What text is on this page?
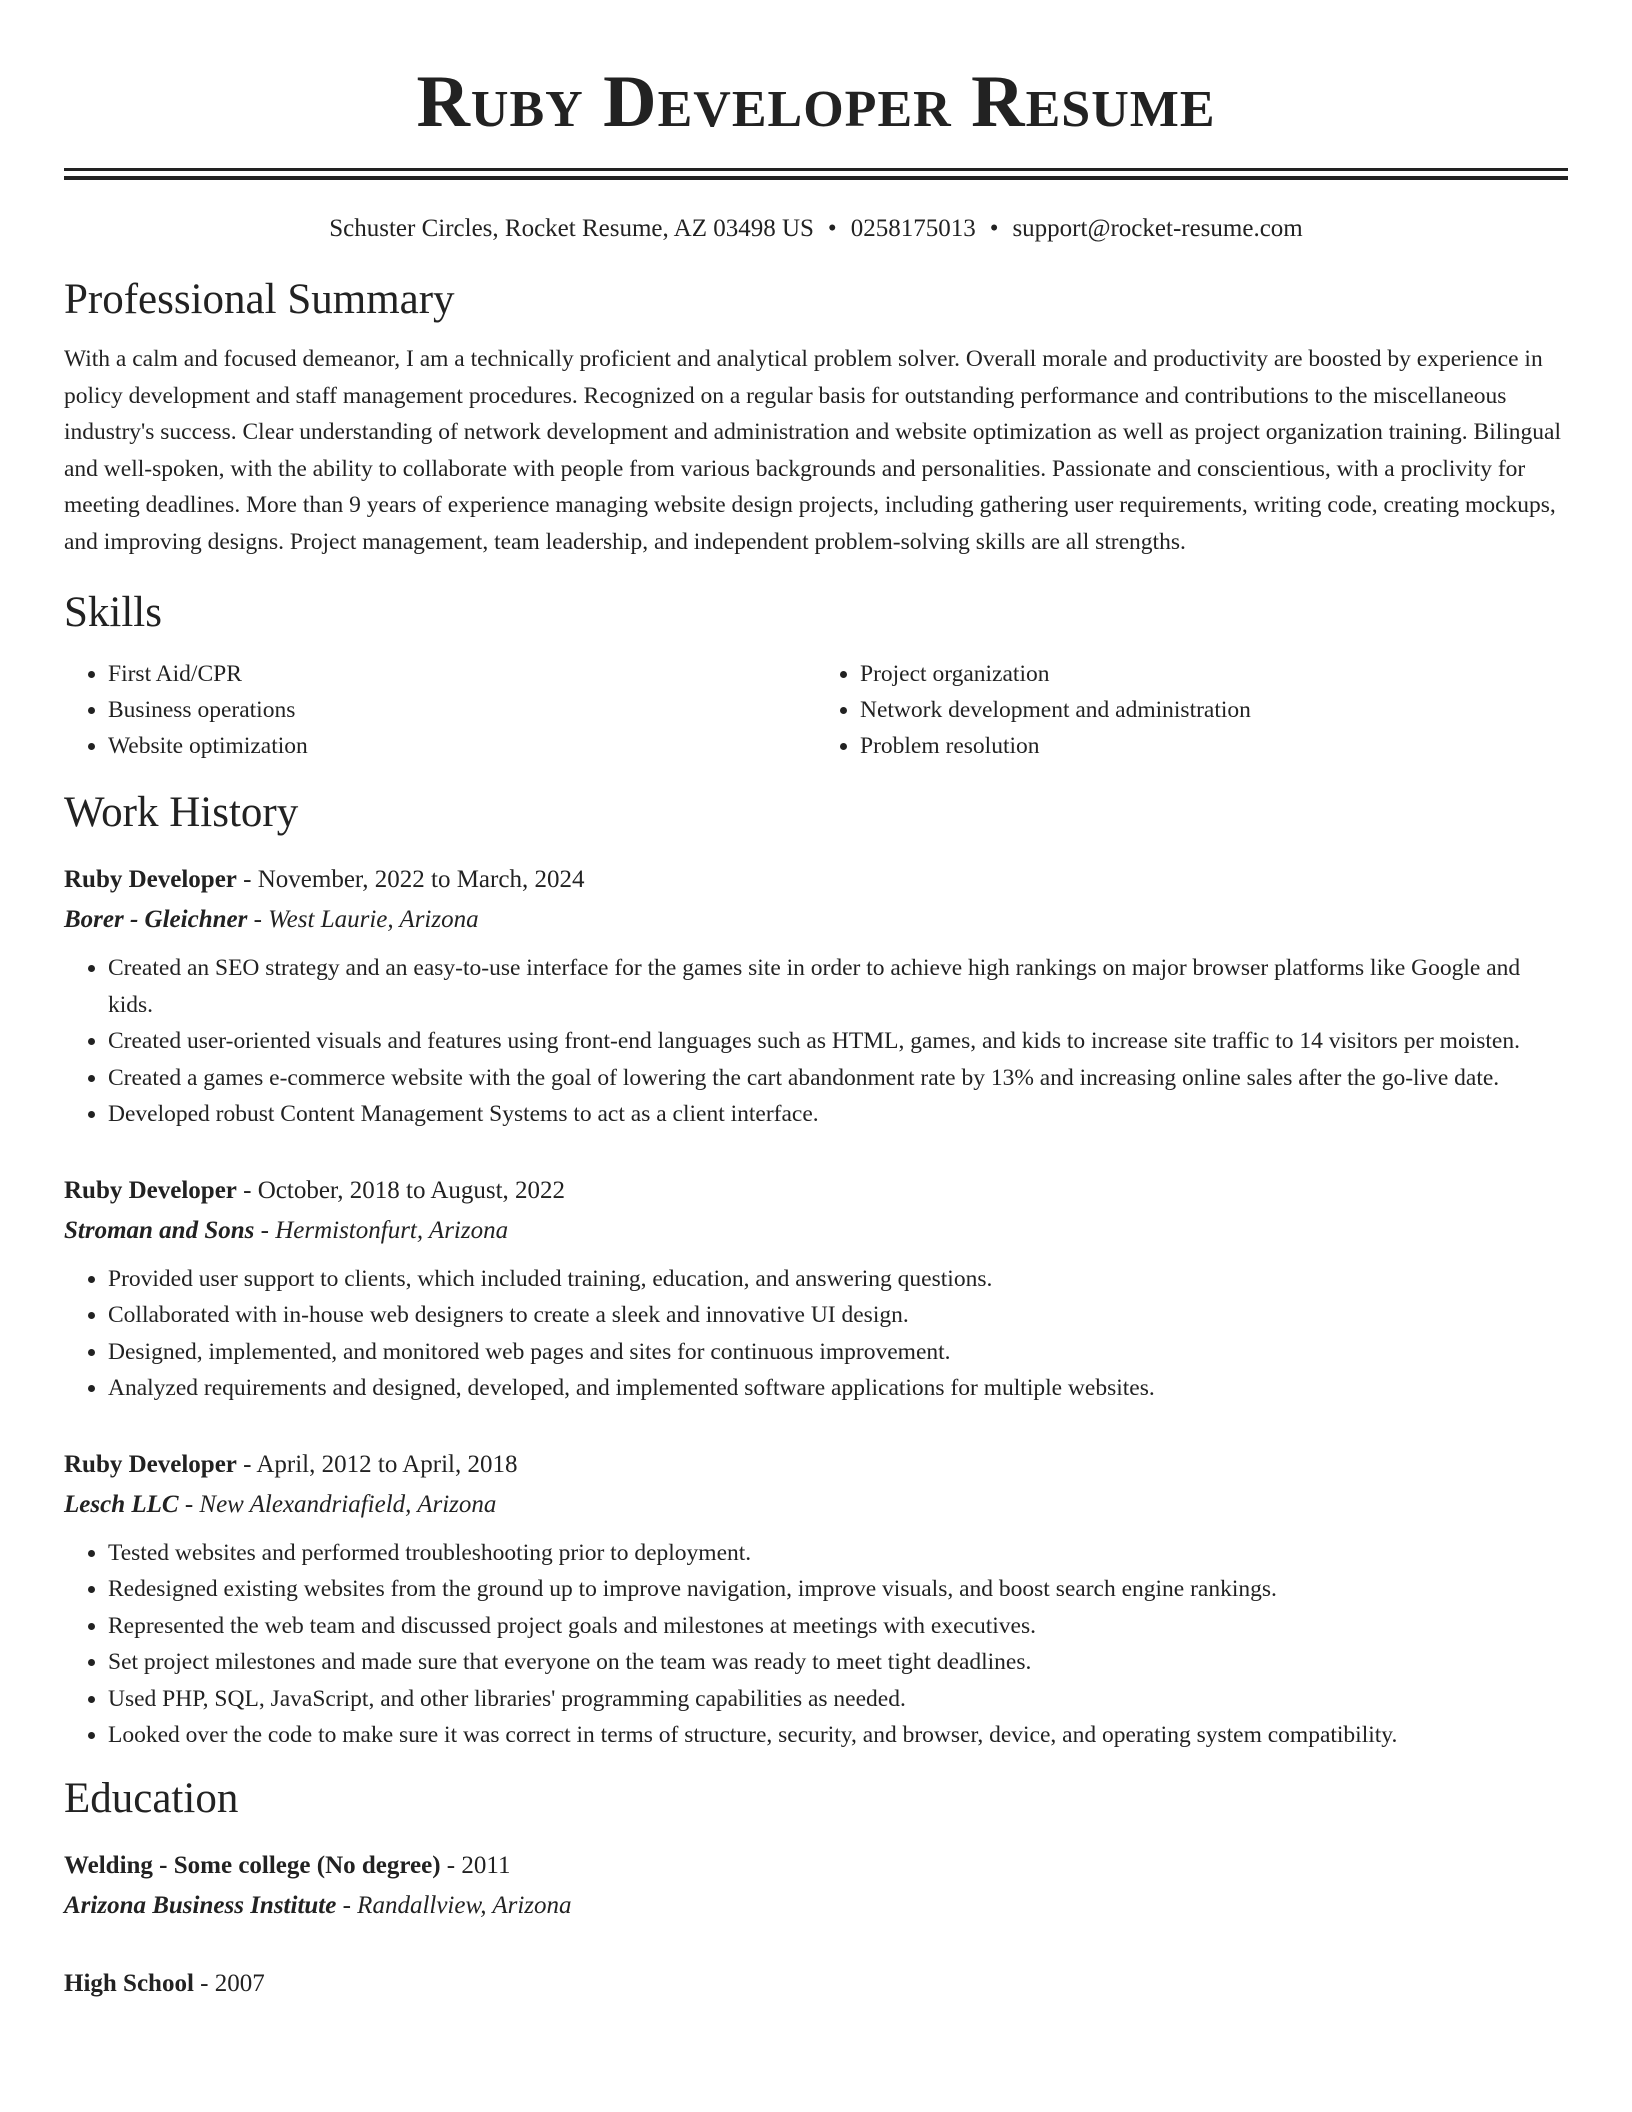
Ruby Developer Resume
Schuster Circles, Rocket Resume, AZ 03498 US • 0258175013 • support@rocket-resume.com
Professional Summary

With a calm and focused demeanor, I am a technically proficient and analytical problem solver. Overall morale and productivity are boosted by experience in policy development and staff management procedures. Recognized on a regular basis for outstanding performance and contributions to the miscellaneous industry's success. Clear understanding of network development and administration and website optimization as well as project organization training. Bilingual and well-spoken, with the ability to collaborate with people from various backgrounds and personalities. Passionate and conscientious, with a proclivity for meeting deadlines. More than 9 years of experience managing website design projects, including gathering user requirements, writing code, creating mockups, and improving designs. Project management, team leadership, and independent problem-solving skills are all strengths.

Skills
• First Aid/CPR
• Business operations
• Website optimization
• Project organization
• Network development and administration
• Problem resolution
Work History
Ruby Developer - November, 2022 to March, 2024
Borer - Gleichner - West Laurie, Arizona
• Created an SEO strategy and an easy-to-use interface for the games site in order to achieve high rankings on major browser platforms like Google and kids.
• Created user-oriented visuals and features using front-end languages such as HTML, games, and kids to increase site traffic to 14 visitors per moisten.
• Created a games e-commerce website with the goal of lowering the cart abandonment rate by 13% and increasing online sales after the go-live date.
• Developed robust Content Management Systems to act as a client interface.
Ruby Developer - October, 2018 to August, 2022
Stroman and Sons - Hermistonfurt, Arizona
• Provided user support to clients, which included training, education, and answering questions.
• Collaborated with in-house web designers to create a sleek and innovative UI design.
• Designed, implemented, and monitored web pages and sites for continuous improvement.
• Analyzed requirements and designed, developed, and implemented software applications for multiple websites.
Ruby Developer - April, 2012 to April, 2018
Lesch LLC - New Alexandriafield, Arizona
• Tested websites and performed troubleshooting prior to deployment.
• Redesigned existing websites from the ground up to improve navigation, improve visuals, and boost search engine rankings.
• Represented the web team and discussed project goals and milestones at meetings with executives.
• Set project milestones and made sure that everyone on the team was ready to meet tight deadlines.
• Used PHP, SQL, JavaScript, and other libraries' programming capabilities as needed.
• Looked over the code to make sure it was correct in terms of structure, security, and browser, device, and operating system compatibility.
Education
Welding - Some college (No degree) - 2011
Arizona Business Institute - Randallview, Arizona
High School - 2007
